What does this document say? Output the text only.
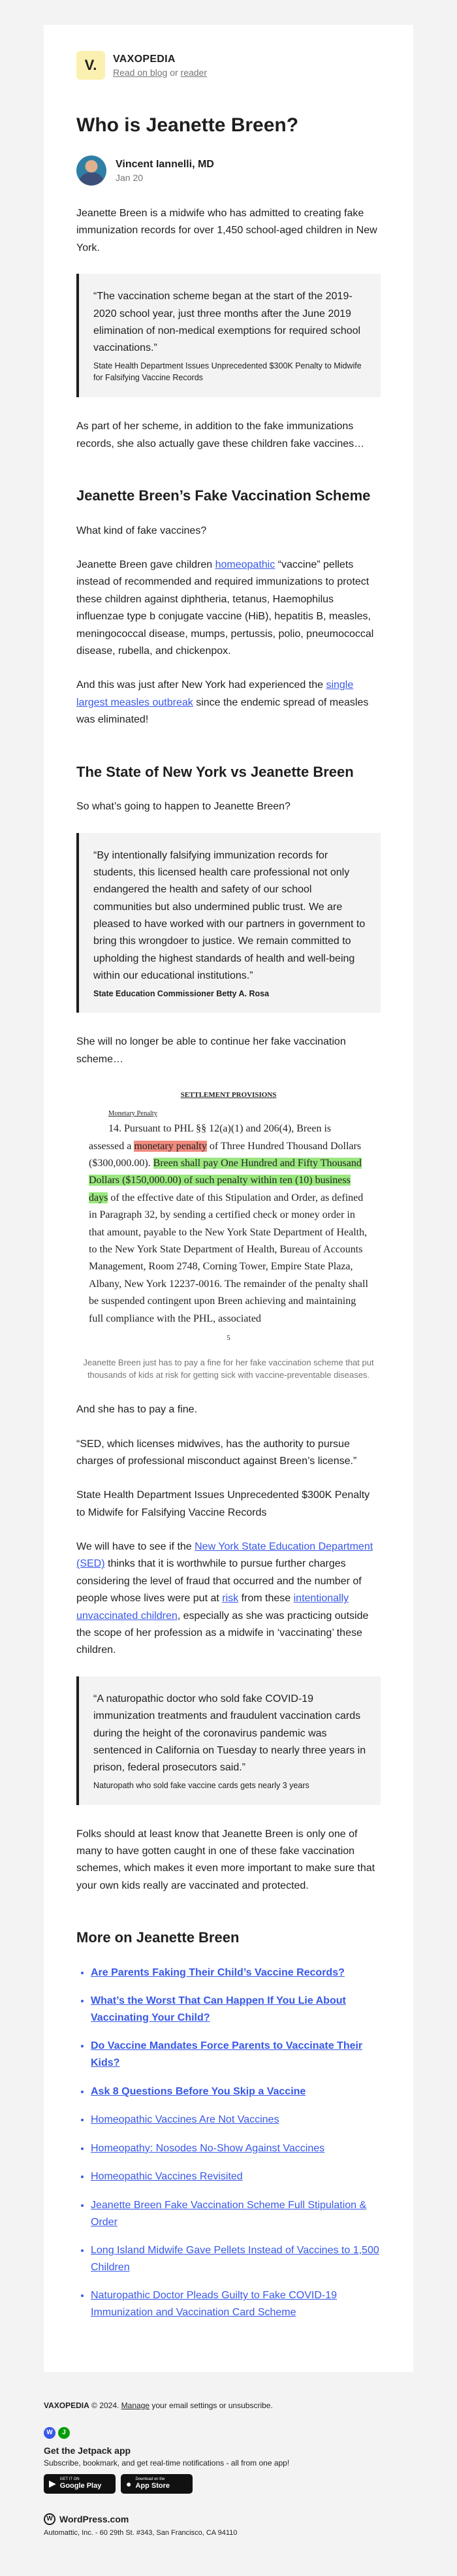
V.	VAXOPEDIA
Read on blog or reader
Who is Jeanette Breen?
Vincent Iannelli, MD
Jan 20

Jeanette Breen is a midwife who has admitted to creating fake immunization records for over 1,450 school-aged children in New York.

“The vaccination scheme began at the start of the 2019-2020 school year, just three months after the June 2019 elimination of non-medical exemptions for required school vaccinations.”

State Health Department Issues Unprecedented $300K Penalty to Midwife for Falsifying Vaccine Records

As part of her scheme, in addition to the fake immunizations records, she also actually gave these children fake vaccines…

Jeanette Breen’s Fake Vaccination Scheme

What kind of fake vaccines?

Jeanette Breen gave children homeopathic “vaccine” pellets instead of recommended and required immunizations to protect these children against diphtheria, tetanus, Haemophilus influenzae type b conjugate vaccine (HiB), hepatitis B, measles, meningococcal disease, mumps, pertussis, polio, pneumococcal disease, rubella, and chickenpox.

And this was just after New York had experienced the single largest measles outbreak since the endemic spread of measles was eliminated!

The State of New York vs Jeanette Breen

So what’s going to happen to Jeanette Breen?

“By intentionally falsifying immunization records for students, this licensed health care professional not only endangered the health and safety of our school communities but also undermined public trust. We are pleased to have worked with our partners in government to bring this wrongdoer to justice. We remain committed to upholding the highest standards of health and well-being within our educational institutions.”

State Education Commissioner Betty A. Rosa

She will no longer be able to continue her fake vaccination scheme…

SETTLEMENT PROVISIONS
Monetary Penalty

14. Pursuant to PHL §§ 12(a)(1) and 206(4), Breen is assessed a monetary penalty of Three Hundred Thousand Dollars ($300,000.00). Breen shall pay One Hundred and Fifty Thousand Dollars ($150,000.00) of such penalty within ten (10) business days of the effective date of this Stipulation and Order, as defined in Paragraph 32, by sending a certified check or money order in that amount, payable to the New York State Department of Health, to the New York State Department of Health, Bureau of Accounts Management, Room 2748, Corning Tower, Empire State Plaza, Albany, New York 12237-0016. The remainder of the penalty shall be suspended contingent upon Breen achieving and maintaining full compliance with the PHL, associated

5
Jeanette Breen just has to pay a fine for her fake vaccination scheme that put thousands of kids at risk for getting sick with vaccine-preventable diseases.

And she has to pay a fine.

“SED, which licenses midwives, has the authority to pursue charges of professional misconduct against Breen’s license.”

State Health Department Issues Unprecedented $300K Penalty to Midwife for Falsifying Vaccine Records

We will have to see if the New York State Education Department (SED) thinks that it is worthwhile to pursue further charges considering the level of fraud that occurred and the number of people whose lives were put at risk from these intentionally unvaccinated children, especially as she was practicing outside the scope of her profession as a midwife in ‘vaccinating’ these children.

“A naturopathic doctor who sold fake COVID-19 immunization treatments and fraudulent vaccination cards during the height of the coronavirus pandemic was sentenced in California on Tuesday to nearly three years in prison, federal prosecutors said.”

Naturopath who sold fake vaccine cards gets nearly 3 years

Folks should at least know that Jeanette Breen is only one of many to have gotten caught in one of these fake vaccination schemes, which makes it even more important to make sure that your own kids really are vaccinated and protected.

More on Jeanette Breen
• Are Parents Faking Their Child’s Vaccine Records?
• What’s the Worst That Can Happen If You Lie About Vaccinating Your Child?
• Do Vaccine Mandates Force Parents to Vaccinate Their Kids?
• Ask 8 Questions Before You Skip a Vaccine
• Homeopathic Vaccines Are Not Vaccines
• Homeopathy: Nosodes No-Show Against Vaccines
• Homeopathic Vaccines Revisited
• Jeanette Breen Fake Vaccination Scheme Full Stipulation & Order
• Long Island Midwife Gave Pellets Instead of Vaccines to 1,500 Children
• Naturopathic Doctor Pleads Guilty to Fake COVID-19 Immunization and Vaccination Card Scheme
VAXOPEDIA © 2024. Manage your email settings or unsubscribe.
W	J
Get the Jetpack app
Subscribe, bookmark, and get real-time notifications - all from one app!
▶ GET IT ON
Google Play	● Download on the
App Store
W WordPress.com
Automattic, Inc. - 60 29th St. #343, San Francisco, CA 94110
